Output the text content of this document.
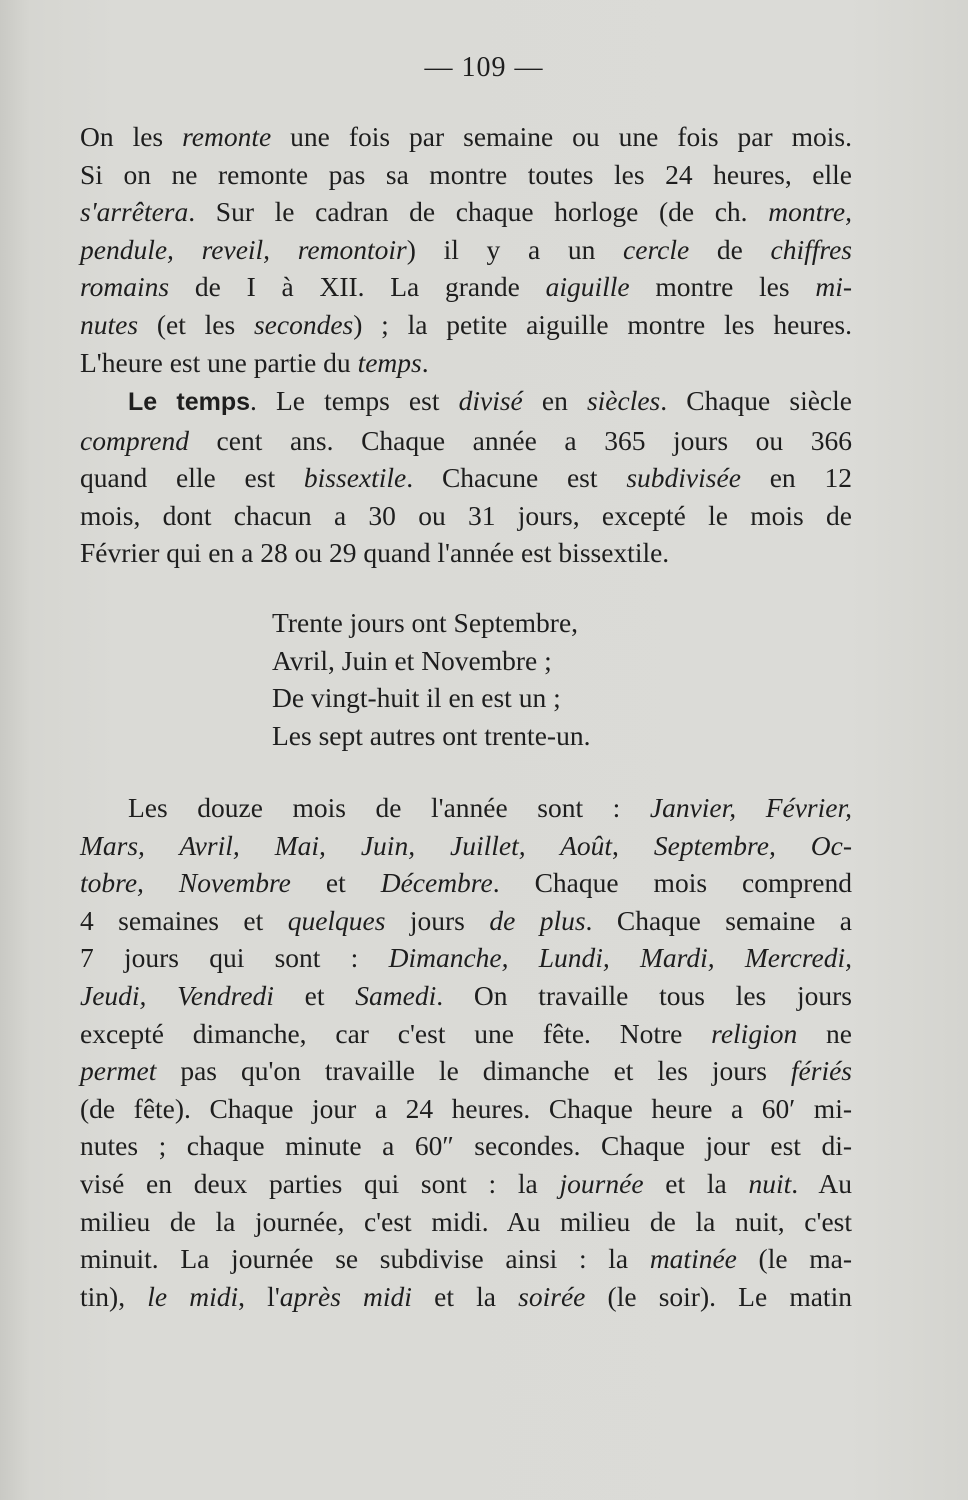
— 109 —
On les remonte une fois par semaine ou une fois par mois.
Si on ne remonte pas sa montre toutes les 24 heures, elle
s'arrêtera. Sur le cadran de chaque horloge (de ch. montre,
pendule, reveil, remontoir) il y a un cercle de chiffres
romains de I à XII. La grande aiguille montre les mi-
nutes (et les secondes) ; la petite aiguille montre les heures.
L'heure est une partie du temps.
Le temps. Le temps est divisé en siècles. Chaque siècle
comprend cent ans. Chaque année a 365 jours ou 366
quand elle est bissextile. Chacune est subdivisée en 12
mois, dont chacun a 30 ou 31 jours, excepté le mois de
Février qui en a 28 ou 29 quand l'année est bissextile.
Trente jours ont Septembre,
Avril, Juin et Novembre ;
De vingt-huit il en est un ;
Les sept autres ont trente-un.
Les douze mois de l'année sont : Janvier, Février,
Mars, Avril, Mai, Juin, Juillet, Août, Septembre, Oc-
tobre, Novembre et Décembre. Chaque mois comprend
4 semaines et quelques jours de plus. Chaque semaine a
7 jours qui sont : Dimanche, Lundi, Mardi, Mercredi,
Jeudi, Vendredi et Samedi. On travaille tous les jours
excepté dimanche, car c'est une fête. Notre religion ne
permet pas qu'on travaille le dimanche et les jours fériés
(de fête). Chaque jour a 24 heures. Chaque heure a 60′ mi-
nutes ; chaque minute a 60″ secondes. Chaque jour est di-
visé en deux parties qui sont : la journée et la nuit. Au
milieu de la journée, c'est midi. Au milieu de la nuit, c'est
minuit. La journée se subdivise ainsi : la matinée (le ma-
tin), le midi, l'après midi et la soirée (le soir). Le matin
